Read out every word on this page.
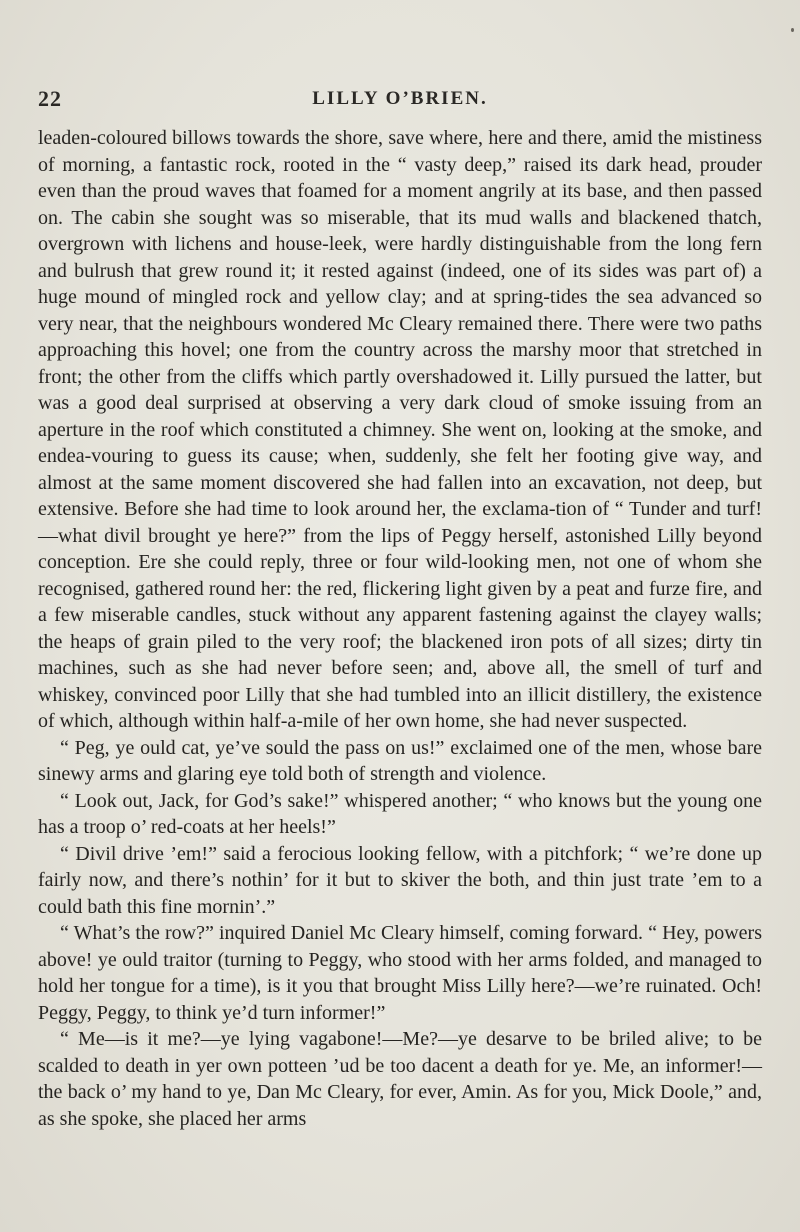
22	LILLY O’BRIEN.

leaden-coloured billows towards the shore, save where, here and there, amid the mistiness of morning, a fantastic rock, rooted in the “ vasty deep,” raised its dark head, prouder even than the proud waves that foamed for a moment angrily at its base, and then passed on. The cabin she sought was so miserable, that its mud walls and blackened thatch, overgrown with lichens and house-leek, were hardly distinguishable from the long fern and bulrush that grew round it; it rested against (indeed, one of its sides was part of) a huge mound of mingled rock and yellow clay; and at spring-tides the sea advanced so very near, that the neighbours wondered Mc Cleary remained there. There were two paths approaching this hovel; one from the country across the marshy moor that stretched in front; the other from the cliffs which partly overshadowed it. Lilly pursued the latter, but was a good deal surprised at observing a very dark cloud of smoke issuing from an aperture in the roof which constituted a chimney. She went on, looking at the smoke, and endea-vouring to guess its cause; when, suddenly, she felt her footing give way, and almost at the same moment discovered she had fallen into an excavation, not deep, but extensive. Before she had time to look around her, the exclama-tion of “ Tunder and turf!—what divil brought ye here?” from the lips of Peggy herself, astonished Lilly beyond conception. Ere she could reply, three or four wild-looking men, not one of whom she recognised, gathered round her: the red, flickering light given by a peat and furze fire, and a few miserable candles, stuck without any apparent fastening against the clayey walls; the heaps of grain piled to the very roof; the blackened iron pots of all sizes; dirty tin machines, such as she had never before seen; and, above all, the smell of turf and whiskey, convinced poor Lilly that she had tumbled into an illicit distillery, the existence of which, although within half-a-mile of her own home, she had never suspected.

“ Peg, ye ould cat, ye’ve sould the pass on us!” exclaimed one of the men, whose bare sinewy arms and glaring eye told both of strength and violence.

“ Look out, Jack, for God’s sake!” whispered another; “ who knows but the young one has a troop o’ red-coats at her heels!”

“ Divil drive ’em!” said a ferocious looking fellow, with a pitchfork; “ we’re done up fairly now, and there’s nothin’ for it but to skiver the both, and thin just trate ’em to a could bath this fine mornin’.”

“ What’s the row?” inquired Daniel Mc Cleary himself, coming forward. “ Hey, powers above! ye ould traitor (turning to Peggy, who stood with her arms folded, and managed to hold her tongue for a time), is it you that brought Miss Lilly here?—we’re ruinated. Och! Peggy, Peggy, to think ye’d turn informer!”

“ Me—is it me?—ye lying vagabone!—Me?—ye desarve to be briled alive; to be scalded to death in yer own potteen ’ud be too dacent a death for ye. Me, an informer!—the back o’ my hand to ye, Dan Mc Cleary, for ever, Amin. As for you, Mick Doole,” and, as she spoke, she placed her arms
